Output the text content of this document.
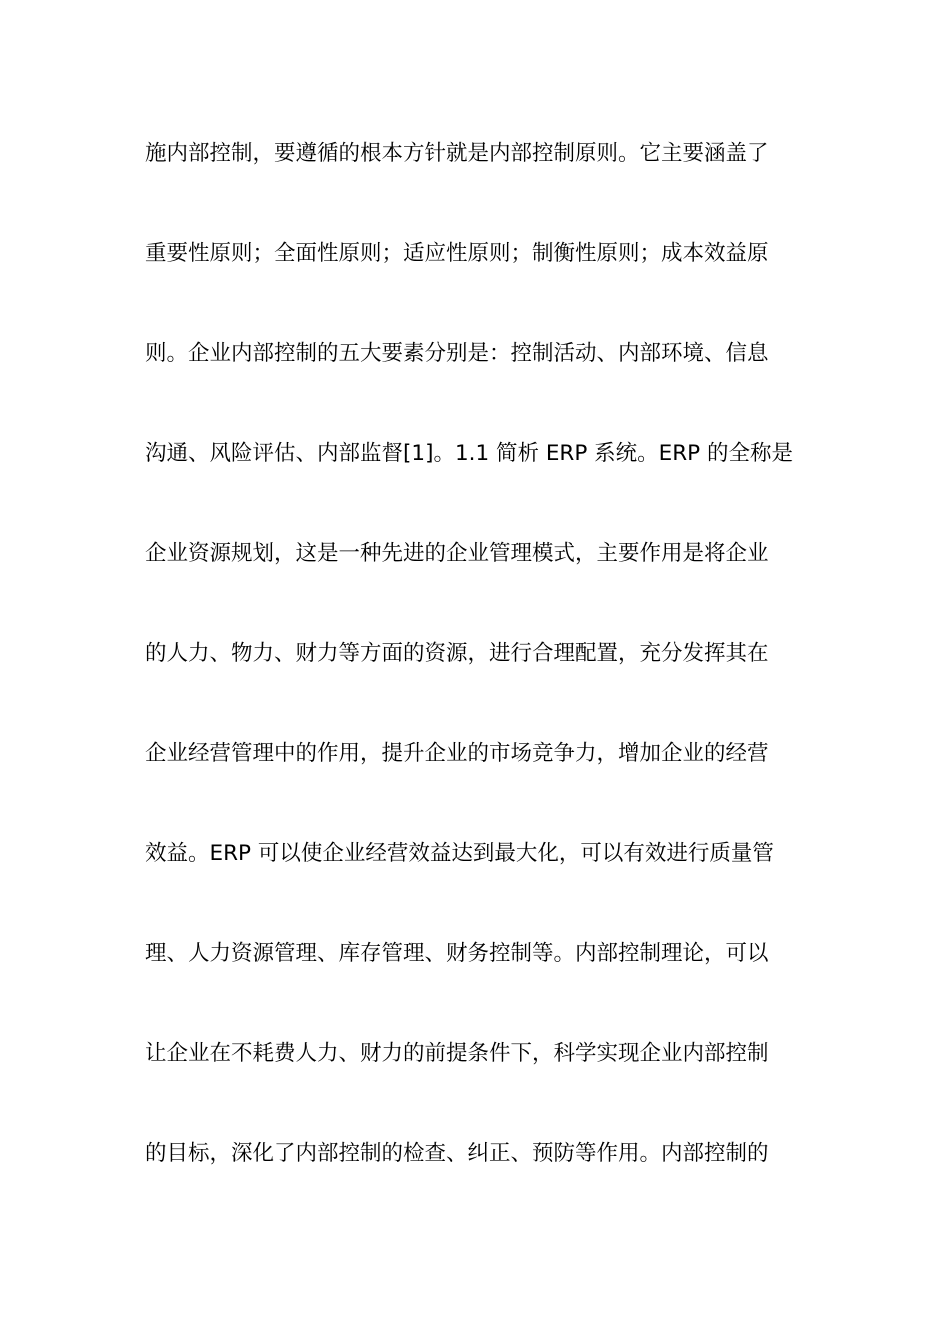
施内部控制，要遵循的根本方针就是内部控制原则。它主要涵盖了
重要性原则；全面性原则；适应性原则；制衡性原则；成本效益原
则。企业内部控制的五大要素分别是：控制活动、内部环境、信息
沟通、风险评估、内部监督[1]。1.1 简析 ERP 系统。ERP 的全称是
企业资源规划，这是一种先进的企业管理模式，主要作用是将企业
的人力、物力、财力等方面的资源，进行合理配置，充分发挥其在
企业经营管理中的作用，提升企业的市场竞争力，增加企业的经营
效益。ERP 可以使企业经营效益达到最大化，可以有效进行质量管
理、人力资源管理、库存管理、财务控制等。内部控制理论，可以
让企业在不耗费人力、财力的前提条件下，科学实现企业内部控制
的目标，深化了内部控制的检查、纠正、预防等作用。内部控制的
